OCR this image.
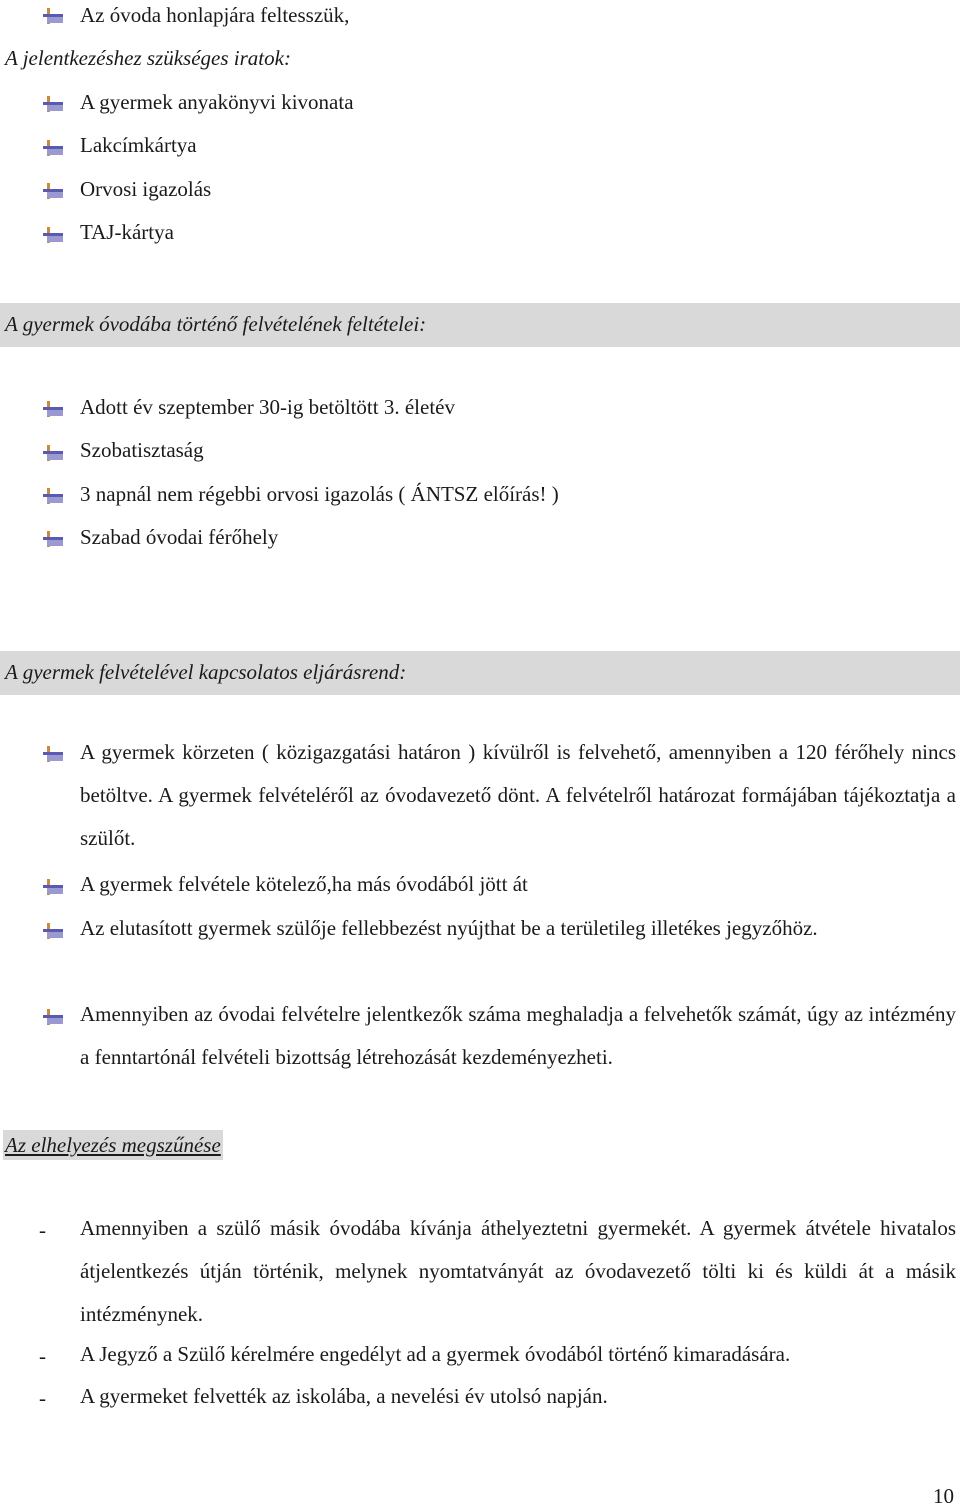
Az óvoda honlapjára feltesszük,
A jelentkezéshez szükséges iratok:
A gyermek anyakönyvi kivonata
Lakcímkártya
Orvosi igazolás
TAJ-kártya
A gyermek óvodába történő felvételének feltételei:
Adott év szeptember 30-ig betöltött 3. életév
Szobatisztaság
3 napnál nem régebbi orvosi igazolás ( ÁNTSZ előírás! )
Szabad óvodai férőhely
A gyermek felvételével kapcsolatos eljárásrend:
A gyermek körzeten ( közigazgatási határon ) kívülről is felvehető, amennyiben a 120 férőhely nincs betöltve. A gyermek felvételéről az óvodavezető dönt. A felvételről határozat formájában tájékoztatja a szülőt.
A gyermek felvétele kötelező,ha más óvodából jött át
Az elutasított gyermek szülője fellebbezést nyújthat be a területileg illetékes jegyzőhöz.
Amennyiben az óvodai felvételre jelentkezők száma meghaladja a felvehetők számát, úgy az intézmény a fenntartónál felvételi bizottság létrehozását kezdeményezheti.
Az elhelyezés megszűnése
- Amennyiben a szülő másik óvodába kívánja áthelyeztetni gyermekét. A gyermek átvétele hivatalos átjelentkezés útján történik, melynek nyomtatványát az óvodavezető tölti ki és küldi át a másik intézménynek.
- A Jegyző a Szülő kérelmére engedélyt ad a gyermek óvodából történő kimaradására.
- A gyermeket felvették az iskolába, a nevelési év utolsó napján.
10
